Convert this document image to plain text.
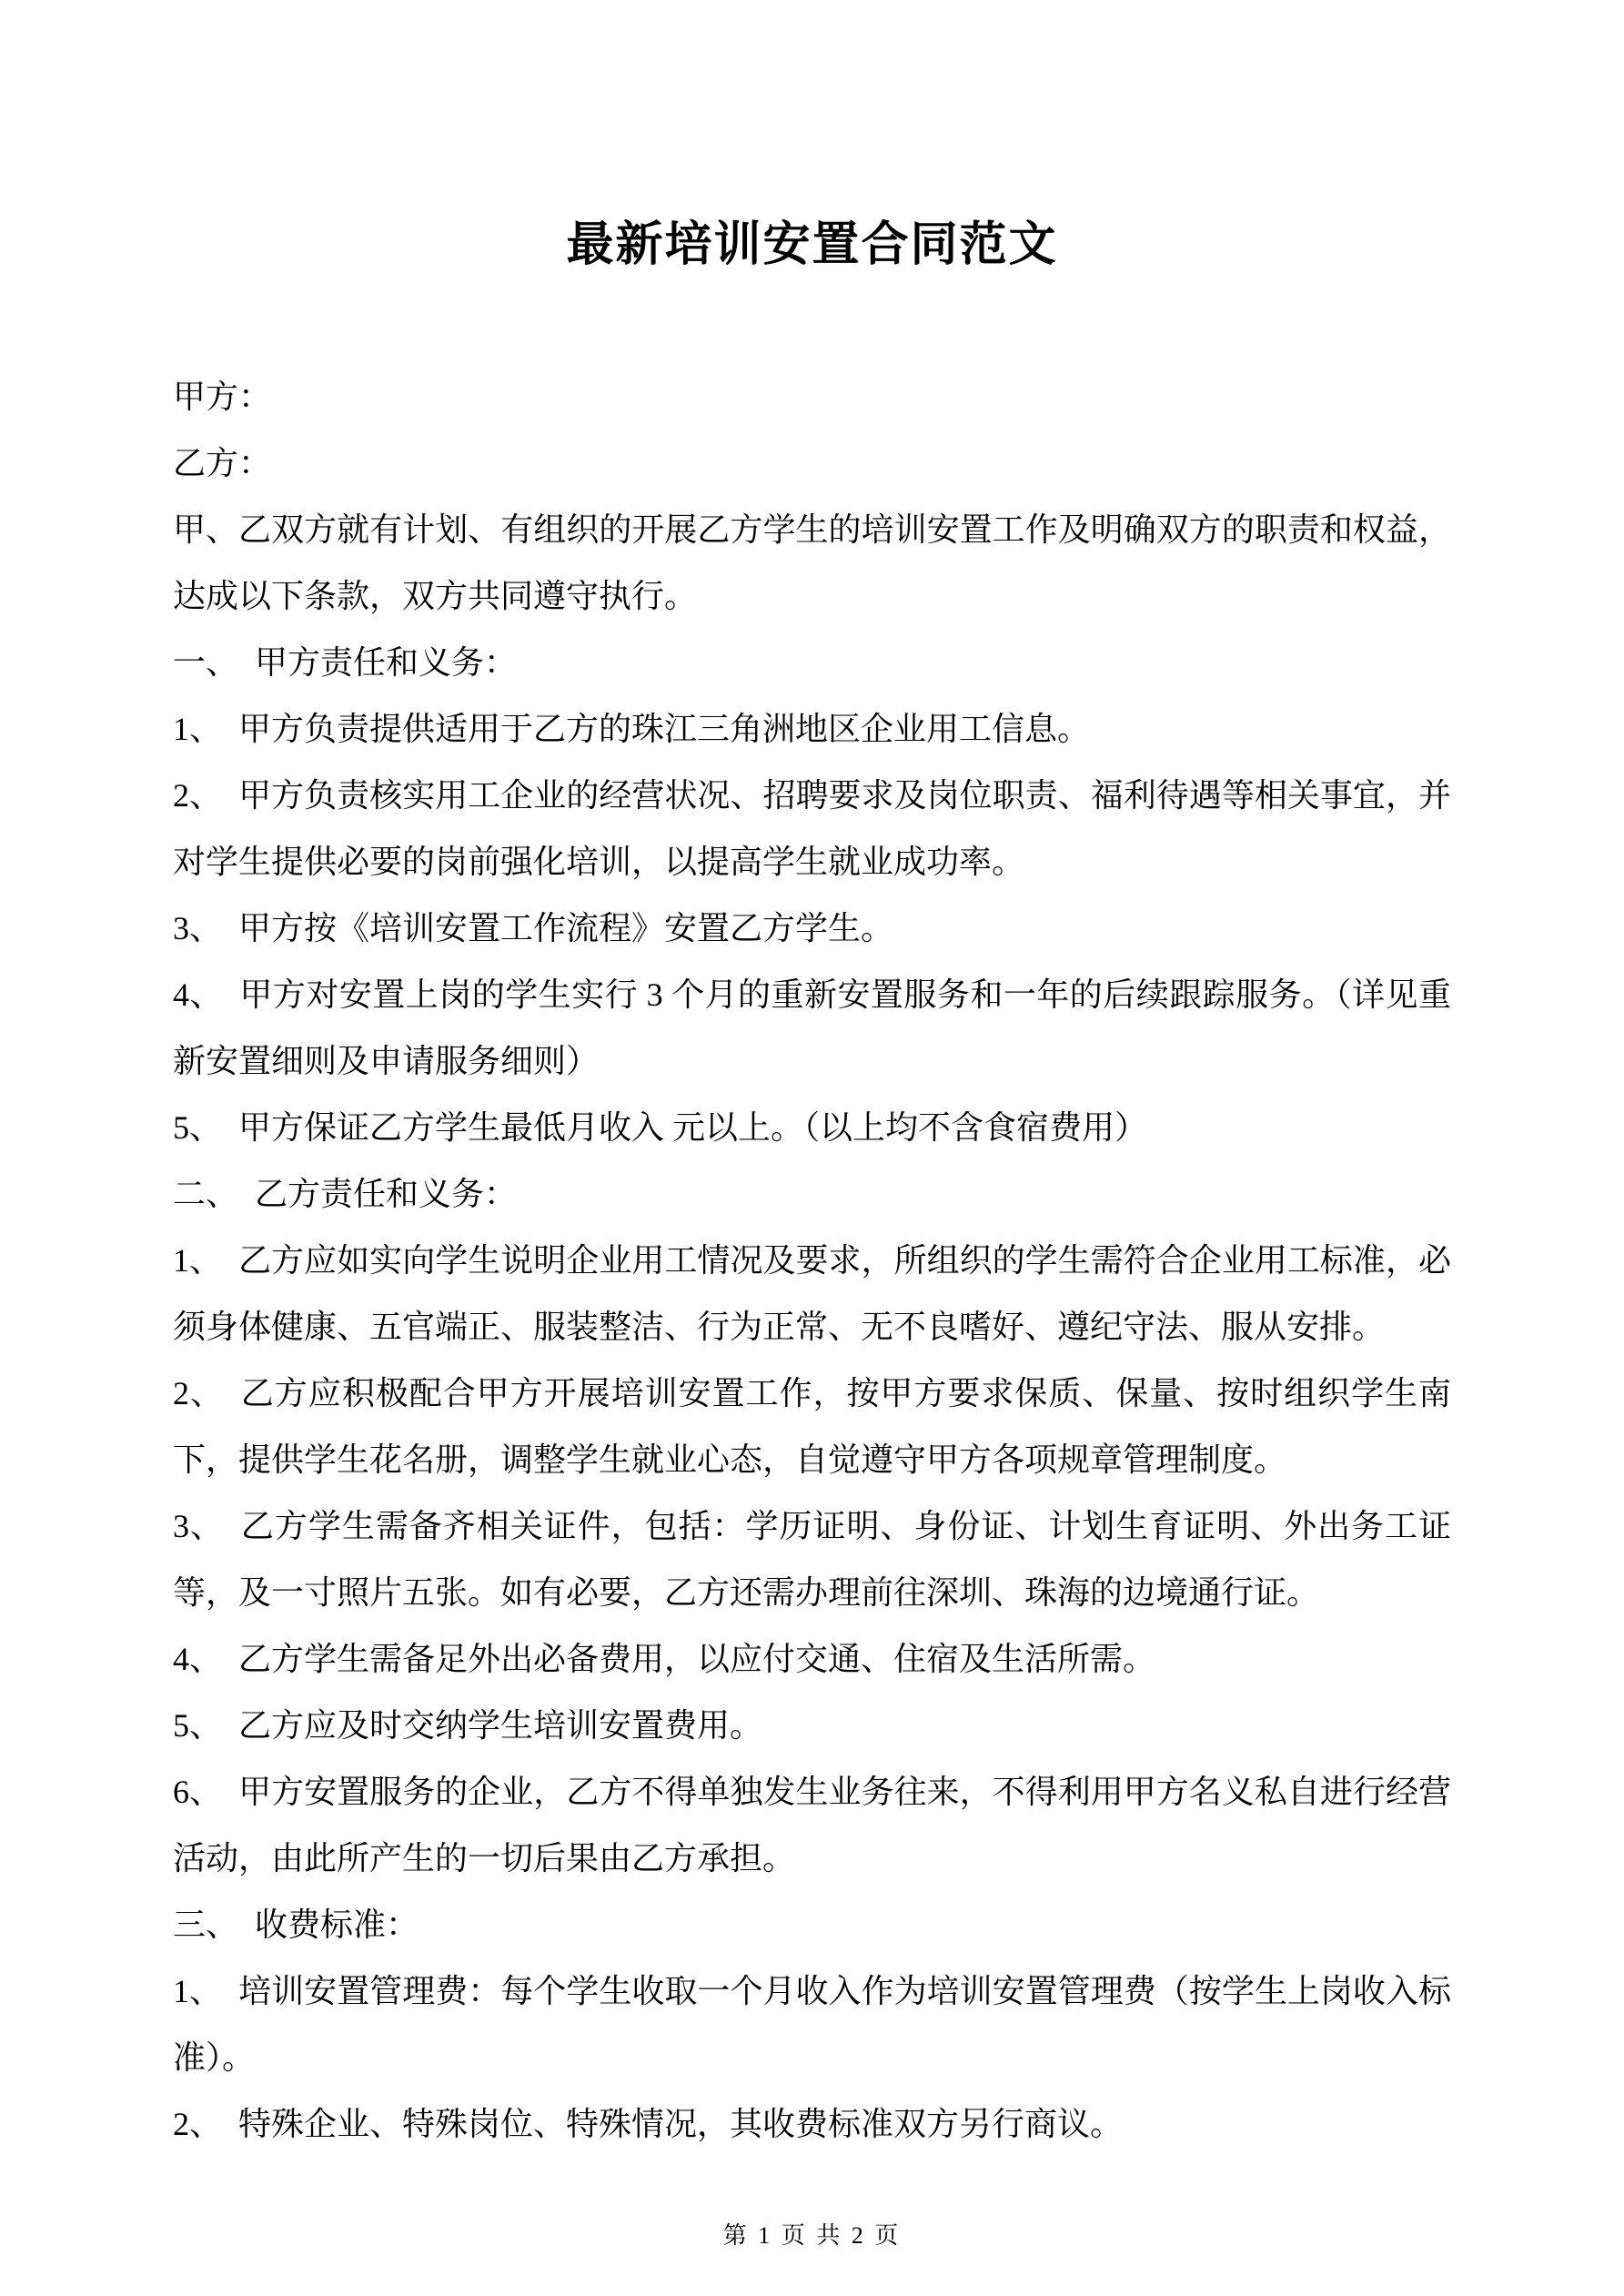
最新培训安置合同范文

甲方：

乙方：

甲、乙双方就有计划、有组织的开展乙方学生的培训安置工作及明确双方的职责和权益，达成以下条款，双方共同遵守执行。

一、　甲方责任和义务：

1、　甲方负责提供适用于乙方的珠江三角洲地区企业用工信息。

2、　甲方负责核实用工企业的经营状况、招聘要求及岗位职责、福利待遇等相关事宜，并对学生提供必要的岗前强化培训，以提高学生就业成功率。

3、　甲方按《培训安置工作流程》安置乙方学生。

4、　甲方对安置上岗的学生实行 3 个月的重新安置服务和一年的后续跟踪服务。（详见重新安置细则及申请服务细则）

5、　甲方保证乙方学生最低月收入 元以上。（以上均不含食宿费用）

二、　乙方责任和义务：

1、　乙方应如实向学生说明企业用工情况及要求，所组织的学生需符合企业用工标准，必须身体健康、五官端正、服装整洁、行为正常、无不良嗜好、遵纪守法、服从安排。

2、　乙方应积极配合甲方开展培训安置工作，按甲方要求保质、保量、按时组织学生南下，提供学生花名册，调整学生就业心态，自觉遵守甲方各项规章管理制度。

3、　乙方学生需备齐相关证件，包括：学历证明、身份证、计划生育证明、外出务工证等，及一寸照片五张。如有必要，乙方还需办理前往深圳、珠海的边境通行证。

4、　乙方学生需备足外出必备费用，以应付交通、住宿及生活所需。

5、　乙方应及时交纳学生培训安置费用。

6、　甲方安置服务的企业，乙方不得单独发生业务往来，不得利用甲方名义私自进行经营活动，由此所产生的一切后果由乙方承担。

三、　收费标准：

1、　培训安置管理费：每个学生收取一个月收入作为培训安置管理费（按学生上岗收入标准）。

2、　特殊企业、特殊岗位、特殊情况，其收费标准双方另行商议。

第 1 页 共 2 页
